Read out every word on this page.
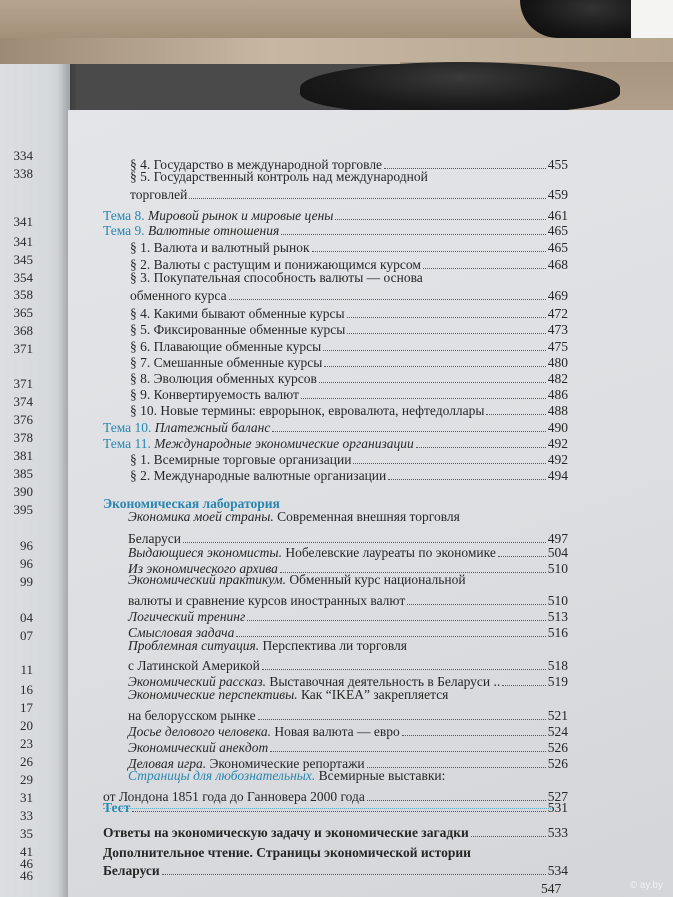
334
338
341
341
345
354
358
365
368
371
371
374
376
378
381
385
390
395
96
96
99
04
07
11
16
17
20
23
26
29
31
33
35
41
46
46
§ 4. Государство в международной торговле	455
§ 5. Государственный контроль над международной
торговлей	459
Тема 8. Мировой рынок и мировые цены	461
Тема 9. Валютные отношения	465
§ 1. Валюта и валютный рынок	465
§ 2. Валюты с растущим и понижающимся курсом	468
§ 3. Покупательная способность валюты — основа
обменного курса	469
§ 4. Какими бывают обменные курсы	472
§ 5. Фиксированные обменные курсы	473
§ 6. Плавающие обменные курсы	475
§ 7. Смешанные обменные курсы	480
§ 8. Эволюция обменных курсов	482
§ 9. Конвертируемость валют	486
§ 10. Новые термины: еврорынок, евровалюта, нефтедоллары	488
Тема 10. Платежный баланс	490
Тема 11. Международные экономические организации	492
§ 1. Всемирные торговые организации	492
§ 2. Международные валютные организации	494
Экономическая лаборатория
Экономика моей страны. Современная внешняя торговля
Беларуси	497
Выдающиеся экономисты. Нобелевские лауреаты по экономике	504
Из экономического архива	510
Экономический практикум. Обменный курс национальной
валюты и сравнение курсов иностранных валют	510
Логический тренинг	513
Смысловая задача	516
Проблемная ситуация. Перспектива ли торговля
с Латинской Америкой	518
Экономический рассказ. Выставочная деятельность в Беларуси ..	519
Экономические перспективы. Как “IKEA” закрепляется
на белорусском рынке	521
Досье делового человека. Новая валюта — евро	524
Экономический анекдот	526
Деловая игра. Экономические репортажи	526
Страницы для любознательных. Всемирные выставки:
от Лондона 1851 года до Ганновера 2000 года	527
Тест	531
Ответы на экономическую задачу и экономические загадки	533
Дополнительное чтение. Страницы экономической истории
Беларуси	534
547	© ay.by
